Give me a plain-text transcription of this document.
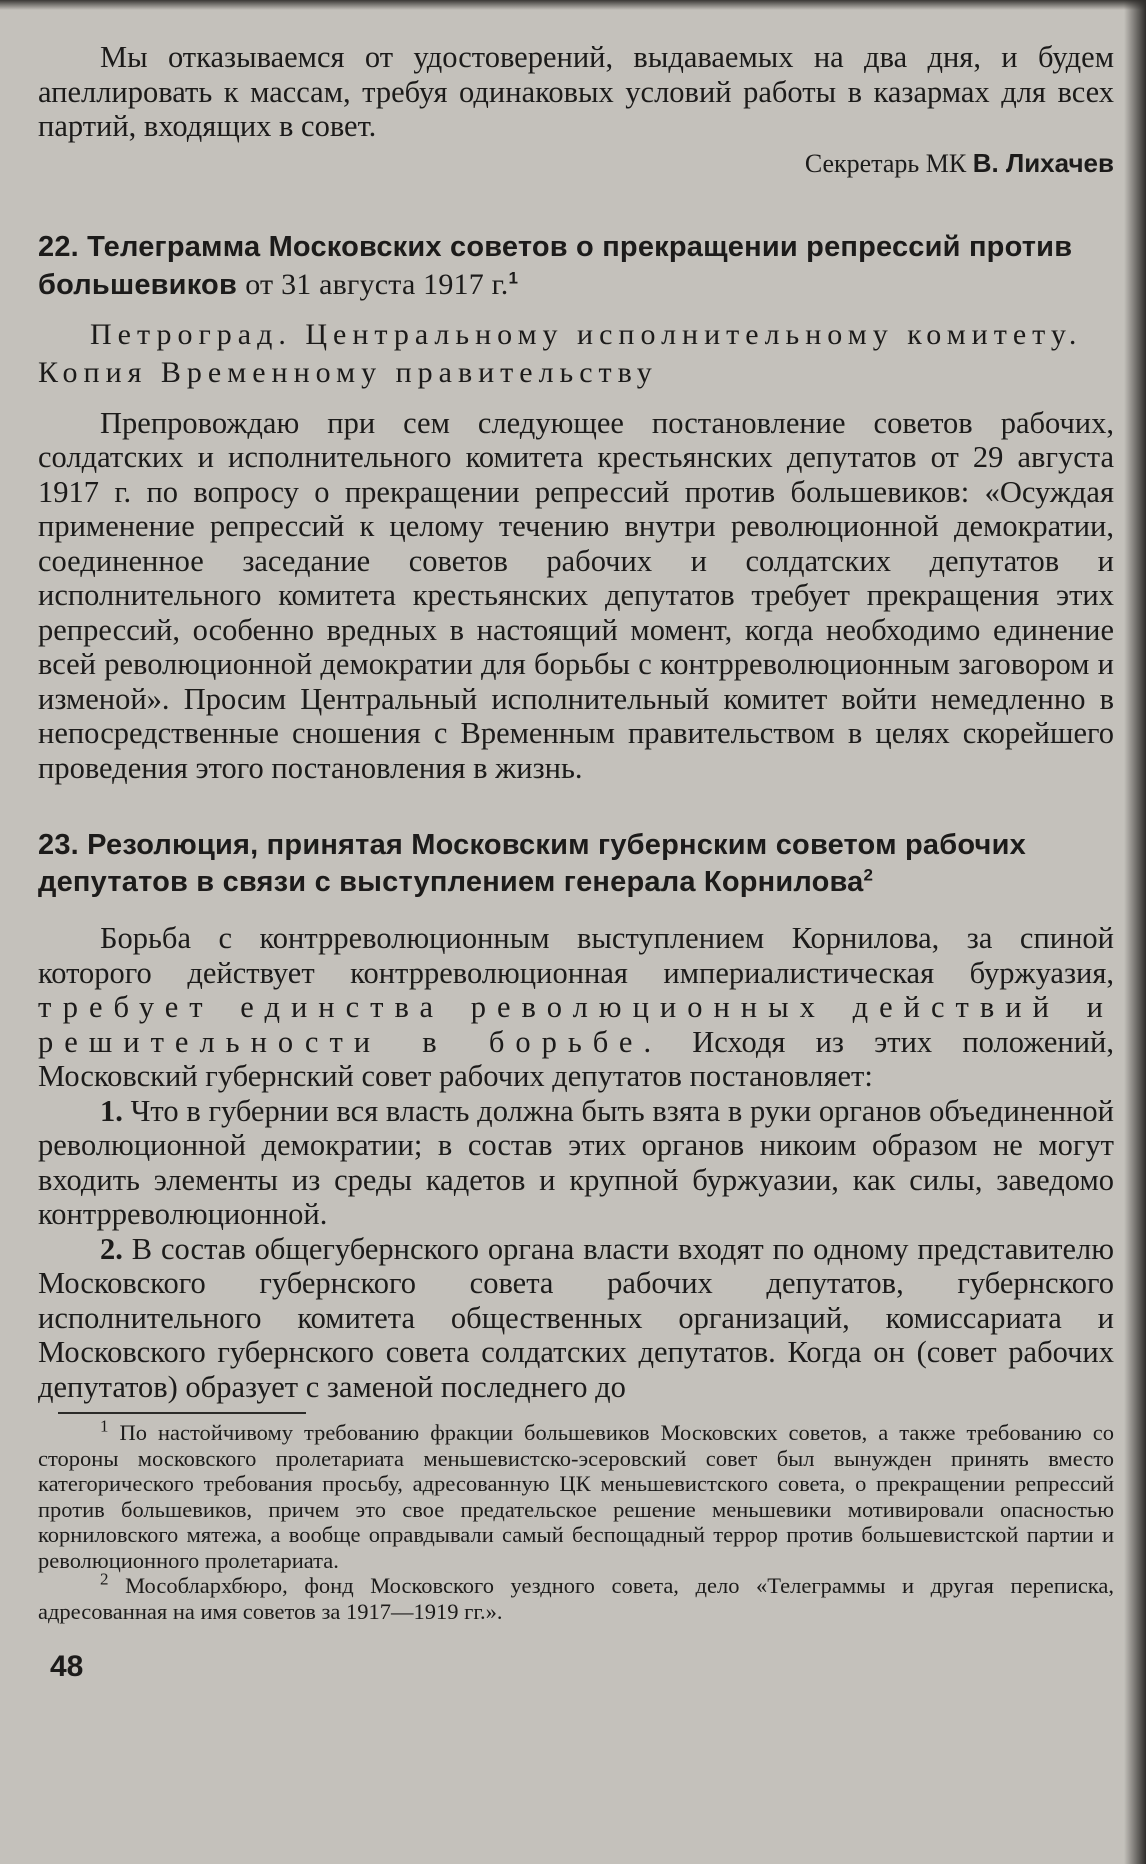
Мы отказываемся от удостоверений, выдаваемых на два дня, и будем апеллировать к массам, требуя одинаковых условий работы в казармах для всех партий, входящих в совет.

Секретарь МК В. Лихачев

22. Телеграмма Московских советов о прекращении репрессий против большевиков от 31 августа 1917 г.$^1$

Петроград. Центральному исполнительному комитету. Копия Временному правительству

Препровождаю при сем следующее постановление советов рабочих, солдатских и исполнительного комитета крестьянских депутатов от 29 августа 1917 г. по вопросу о прекращении репрессий против большевиков: «Осуждая применение репрессий к целому течению внутри революционной демократии, соединенное заседание советов рабочих и солдатских депутатов и исполнительного комитета крестьянских депутатов требует прекращения этих репрессий, особенно вредных в настоящий момент, когда необходимо единение всей революционной демократии для борьбы с контрреволюционным заговором и изменой». Просим Центральный исполнительный комитет войти немедленно в непосредственные сношения с Временным правительством в целях скорейшего проведения этого постановления в жизнь.

23. Резолюция, принятая Московским губернским советом рабочих депутатов в связи с выступлением генерала Корнилова$^2$

Борьба с контрреволюционным выступлением Корнилова, за спиной которого действует контрреволюционная империалистическая буржуазия, требует единства революционных действий и решительности в борьбе. Исходя из этих положений, Московский губернский совет рабочих депутатов постановляет:

1. Что в губернии вся власть должна быть взята в руки органов объединенной революционной демократии; в состав этих органов никоим образом не могут входить элементы из среды кадетов и крупной буржуазии, как силы, заведомо контрреволюционной.

2. В состав общегубернского органа власти входят по одному представителю Московского губернского совета рабочих депутатов, губернского исполнительного комитета общественных организаций, комиссариата и Московского губернского совета солдатских депутатов. Когда он (совет рабочих депутатов) образует с заменой последнего до

$^1$ По настойчивому требованию фракции большевиков Московских советов, а также требованию со стороны московского пролетариата меньшевистско-эсеровский совет был вынужден принять вместо категорического требования просьбу, адресованную ЦК меньшевистского совета, о прекращении репрессий против большевиков, причем это свое предательское решение меньшевики мотивировали опасностью корниловского мятежа, а вообще оправдывали самый беспощадный террор против большевистской партии и революционного пролетариата.

$^2$ Мособлархбюро, фонд Московского уездного совета, дело «Телеграммы и другая переписка, адресованная на имя советов за 1917—1919 гг.».

48
